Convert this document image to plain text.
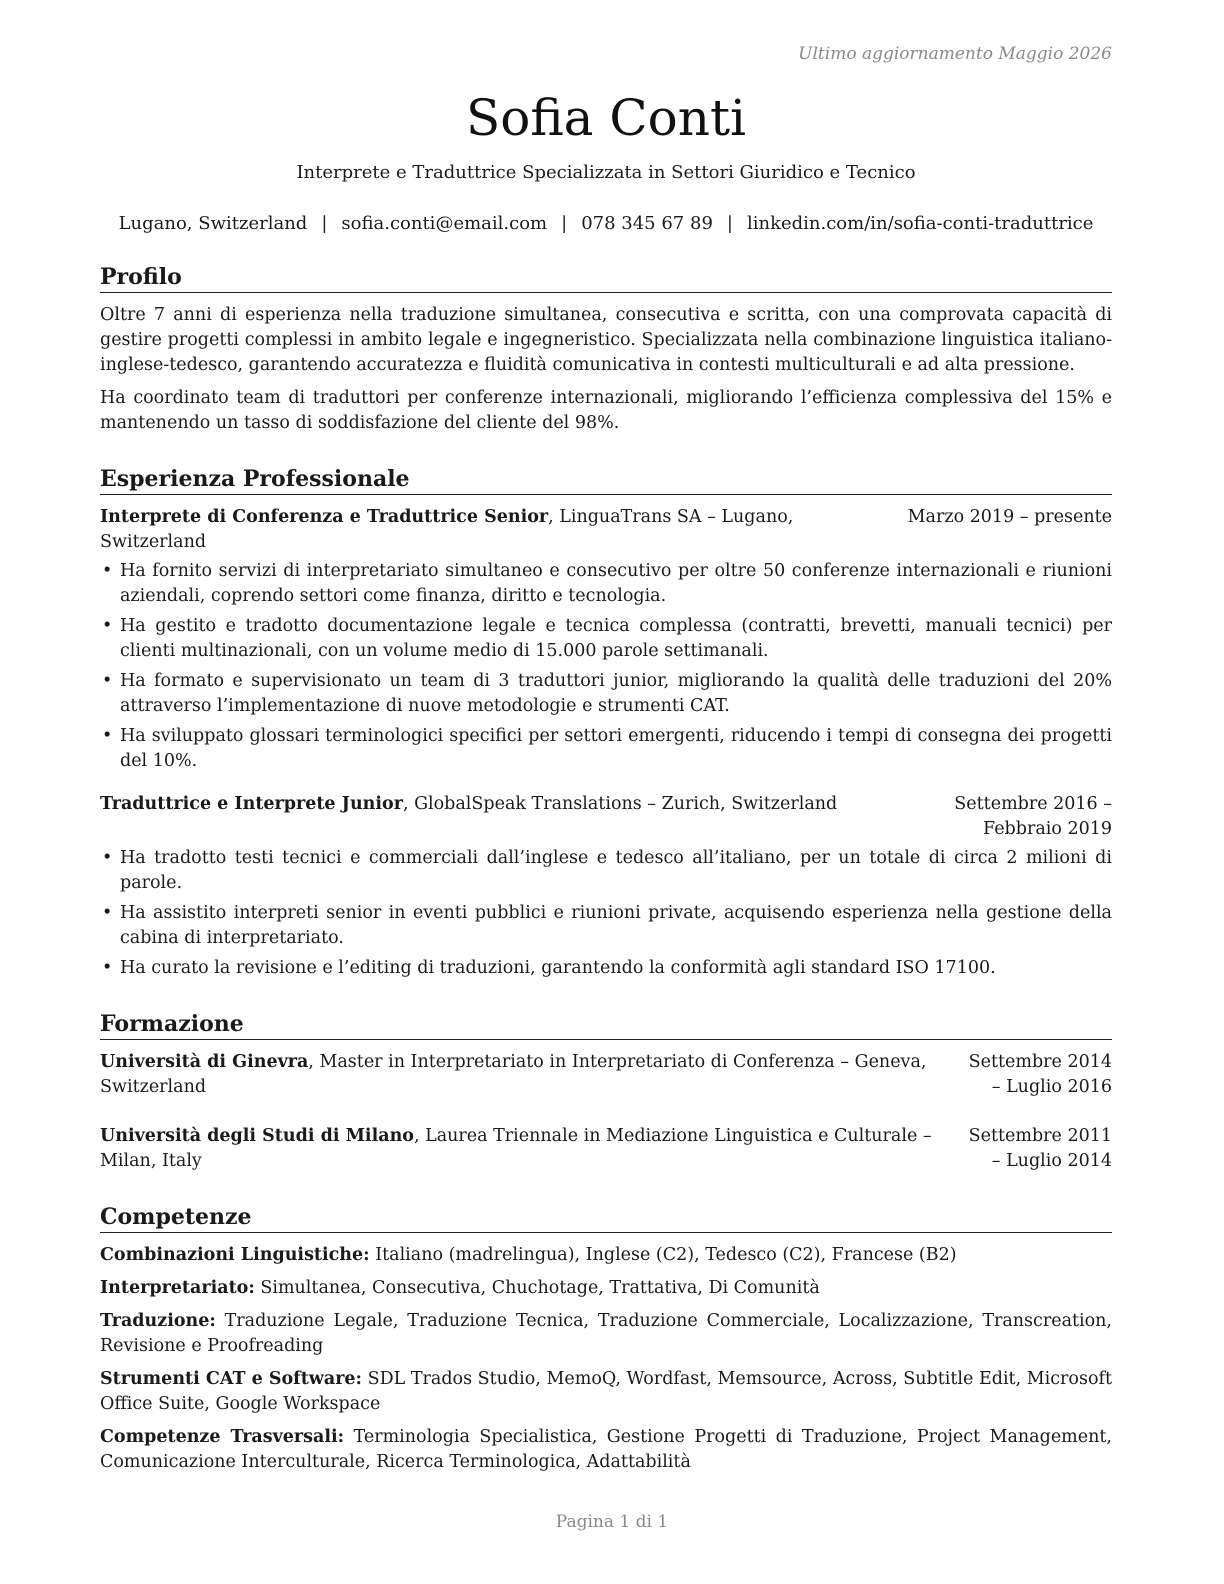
Ultimo aggiornamento Maggio 2026
Sofia Conti
Interprete e Traduttrice Specializzata in Settori Giuridico e Tecnico
Lugano, Switzerland | sofia.conti@email.com | 078 345 67 89 | linkedin.com/in/sofia-conti-traduttrice
Profilo

Oltre 7 anni di esperienza nella traduzione simultanea, consecutiva e scritta, con una comprovata capacità di gestire progetti complessi in ambito legale e ingegneristico. Specializzata nella combinazione linguistica italiano-inglese-tedesco, garantendo accuratezza e fluidità comunicativa in contesti multiculturali e ad alta pressione.

Ha coordinato team di traduttori per conferenze internazionali, migliorando l’efficienza complessiva del 15% e mantenendo un tasso di soddisfazione del cliente del 98%.

Esperienza Professionale
Interprete di Conferenza e Traduttrice Senior, LinguaTrans SA – Lugano, Switzerland
Marzo 2019 – presente
• Ha fornito servizi di interpretariato simultaneo e consecutivo per oltre 50 conferenze internazionali e riunioni aziendali, coprendo settori come finanza, diritto e tecnologia.
• Ha gestito e tradotto documentazione legale e tecnica complessa (contratti, brevetti, manuali tecnici) per clienti multinazionali, con un volume medio di 15.000 parole settimanali.
• Ha formato e supervisionato un team di 3 traduttori junior, migliorando la qualità delle traduzioni del 20% attraverso l’implementazione di nuove metodologie e strumenti CAT.
• Ha sviluppato glossari terminologici specifici per settori emergenti, riducendo i tempi di consegna dei progetti del 10%.
Traduttrice e Interprete Junior, GlobalSpeak Translations – Zurich, Switzerland	Settembre 2016 – Febbraio 2019
• Ha tradotto testi tecnici e commerciali dall’inglese e tedesco all’italiano, per un totale di circa 2 milioni di parole.
• Ha assistito interpreti senior in eventi pubblici e riunioni private, acquisendo esperienza nella gestione della cabina di interpretariato.
• Ha curato la revisione e l’editing di traduzioni, garantendo la conformità agli standard ISO 17100.
Formazione
Università di Ginevra, Master in Interpretariato in Interpretariato di Conferenza – Geneva, Switzerland
Settembre 2014 – Luglio 2016
Università degli Studi di Milano, Laurea Triennale in Mediazione Linguistica e Culturale – Milan, Italy
Settembre 2011 – Luglio 2014
Competenze
Combinazioni Linguistiche: Italiano (madrelingua), Inglese (C2), Tedesco (C2), Francese (B2)
Interpretariato: Simultanea, Consecutiva, Chuchotage, Trattativa, Di Comunità
Traduzione: Traduzione Legale, Traduzione Tecnica, Traduzione Commerciale, Localizzazione, Transcreation, Revisione e Proofreading
Strumenti CAT e Software: SDL Trados Studio, MemoQ, Wordfast, Memsource, Across, Subtitle Edit, Microsoft Office Suite, Google Workspace
Competenze Trasversali: Terminologia Specialistica, Gestione Progetti di Traduzione, Project Management, Comunicazione Interculturale, Ricerca Terminologica, Adattabilità
Pagina 1 di 1
